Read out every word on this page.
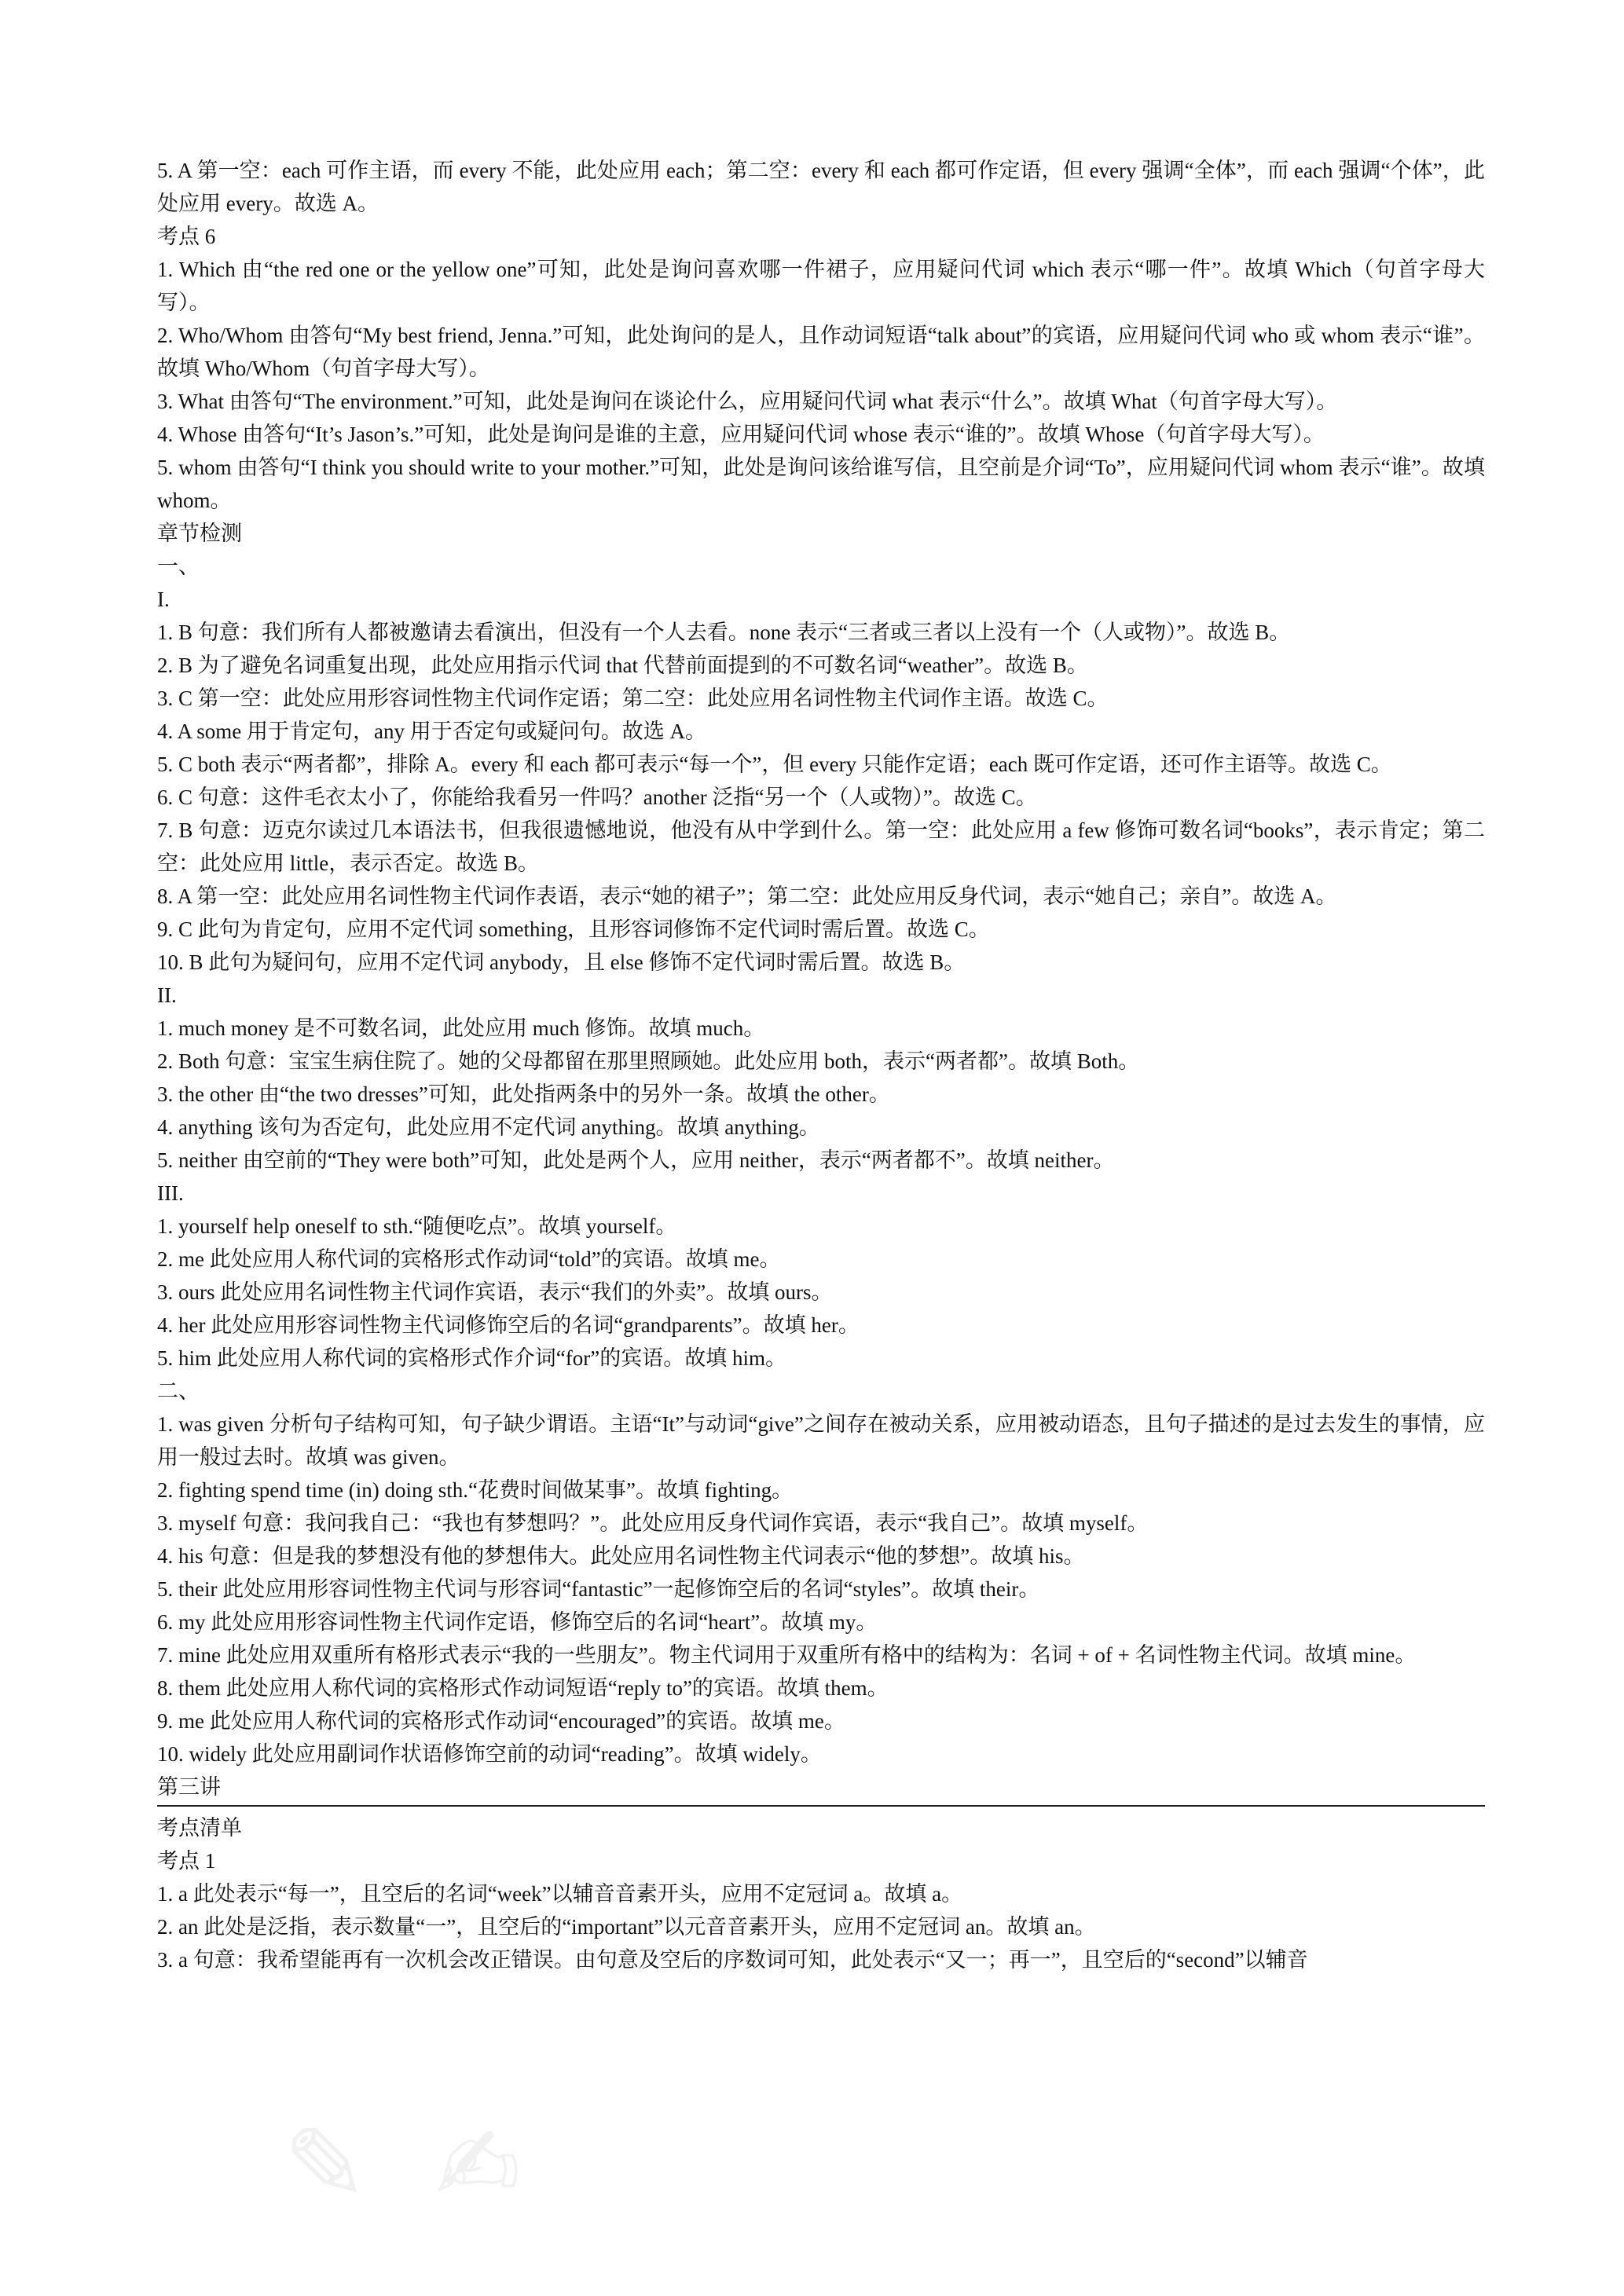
5. A 第一空：each 可作主语，而 every 不能，此处应用 each；第二空：every 和 each 都可作定语，但 every 强调“全体”，而 each 强调“个体”，此处应用 every。故选 A。
考点 6
1. Which 由“the red one or the yellow one”可知，此处是询问喜欢哪一件裙子，应用疑问代词 which 表示“哪一件”。故填 Which（句首字母大写）。
2. Who/Whom 由答句“My best friend, Jenna.”可知，此处询问的是人，且作动词短语“talk about”的宾语，应用疑问代词 who 或 whom 表示“谁”。故填 Who/Whom（句首字母大写）。
3. What 由答句“The environment.”可知，此处是询问在谈论什么，应用疑问代词 what 表示“什么”。故填 What（句首字母大写）。
4. Whose 由答句“It’s Jason’s.”可知，此处是询问是谁的主意，应用疑问代词 whose 表示“谁的”。故填 Whose（句首字母大写）。
5. whom 由答句“I think you should write to your mother.”可知，此处是询问该给谁写信，且空前是介词“To”，应用疑问代词 whom 表示“谁”。故填 whom。
章节检测
一、
I.
1. B 句意：我们所有人都被邀请去看演出，但没有一个人去看。none 表示“三者或三者以上没有一个（人或物）”。故选 B。
2. B 为了避免名词重复出现，此处应用指示代词 that 代替前面提到的不可数名词“weather”。故选 B。
3. C 第一空：此处应用形容词性物主代词作定语；第二空：此处应用名词性物主代词作主语。故选 C。
4. A some 用于肯定句，any 用于否定句或疑问句。故选 A。
5. C both 表示“两者都”，排除 A。every 和 each 都可表示“每一个”，但 every 只能作定语；each 既可作定语，还可作主语等。故选 C。
6. C 句意：这件毛衣太小了，你能给我看另一件吗？another 泛指“另一个（人或物）”。故选 C。
7. B 句意：迈克尔读过几本语法书，但我很遗憾地说，他没有从中学到什么。第一空：此处应用 a few 修饰可数名词“books”，表示肯定；第二空：此处应用 little，表示否定。故选 B。
8. A 第一空：此处应用名词性物主代词作表语，表示“她的裙子”；第二空：此处应用反身代词，表示“她自己；亲自”。故选 A。
9. C 此句为肯定句，应用不定代词 something，且形容词修饰不定代词时需后置。故选 C。
10. B 此句为疑问句，应用不定代词 anybody，且 else 修饰不定代词时需后置。故选 B。
II.
1. much money 是不可数名词，此处应用 much 修饰。故填 much。
2. Both 句意：宝宝生病住院了。她的父母都留在那里照顾她。此处应用 both，表示“两者都”。故填 Both。
3. the other 由“the two dresses”可知，此处指两条中的另外一条。故填 the other。
4. anything 该句为否定句，此处应用不定代词 anything。故填 anything。
5. neither 由空前的“They were both”可知，此处是两个人，应用 neither，表示“两者都不”。故填 neither。
III.
1. yourself help oneself to sth.“随便吃点”。故填 yourself。
2. me 此处应用人称代词的宾格形式作动词“told”的宾语。故填 me。
3. ours 此处应用名词性物主代词作宾语，表示“我们的外卖”。故填 ours。
4. her 此处应用形容词性物主代词修饰空后的名词“grandparents”。故填 her。
5. him 此处应用人称代词的宾格形式作介词“for”的宾语。故填 him。
二、
1. was given 分析句子结构可知，句子缺少谓语。主语“It”与动词“give”之间存在被动关系，应用被动语态，且句子描述的是过去发生的事情，应用一般过去时。故填 was given。
2. fighting spend time (in) doing sth.“花费时间做某事”。故填 fighting。
3. myself 句意：我问我自己：“我也有梦想吗？”。此处应用反身代词作宾语，表示“我自己”。故填 myself。
4. his 句意：但是我的梦想没有他的梦想伟大。此处应用名词性物主代词表示“他的梦想”。故填 his。
5. their 此处应用形容词性物主代词与形容词“fantastic”一起修饰空后的名词“styles”。故填 their。
6. my 此处应用形容词性物主代词作定语，修饰空后的名词“heart”。故填 my。
7. mine 此处应用双重所有格形式表示“我的一些朋友”。物主代词用于双重所有格中的结构为：名词 + of + 名词性物主代词。故填 mine。
8. them 此处应用人称代词的宾格形式作动词短语“reply to”的宾语。故填 them。
9. me 此处应用人称代词的宾格形式作动词“encouraged”的宾语。故填 me。
10. widely 此处应用副词作状语修饰空前的动词“reading”。故填 widely。
第三讲
考点清单
考点 1
1. a 此处表示“每一”，且空后的名词“week”以辅音音素开头，应用不定冠词 a。故填 a。
2. an 此处是泛指，表示数量“一”，且空后的“important”以元音音素开头，应用不定冠词 an。故填 an。
3. a 句意：我希望能再有一次机会改正错误。由句意及空后的序数词可知，此处表示“又一；再一”，且空后的“second”以辅音
✎ ✍
